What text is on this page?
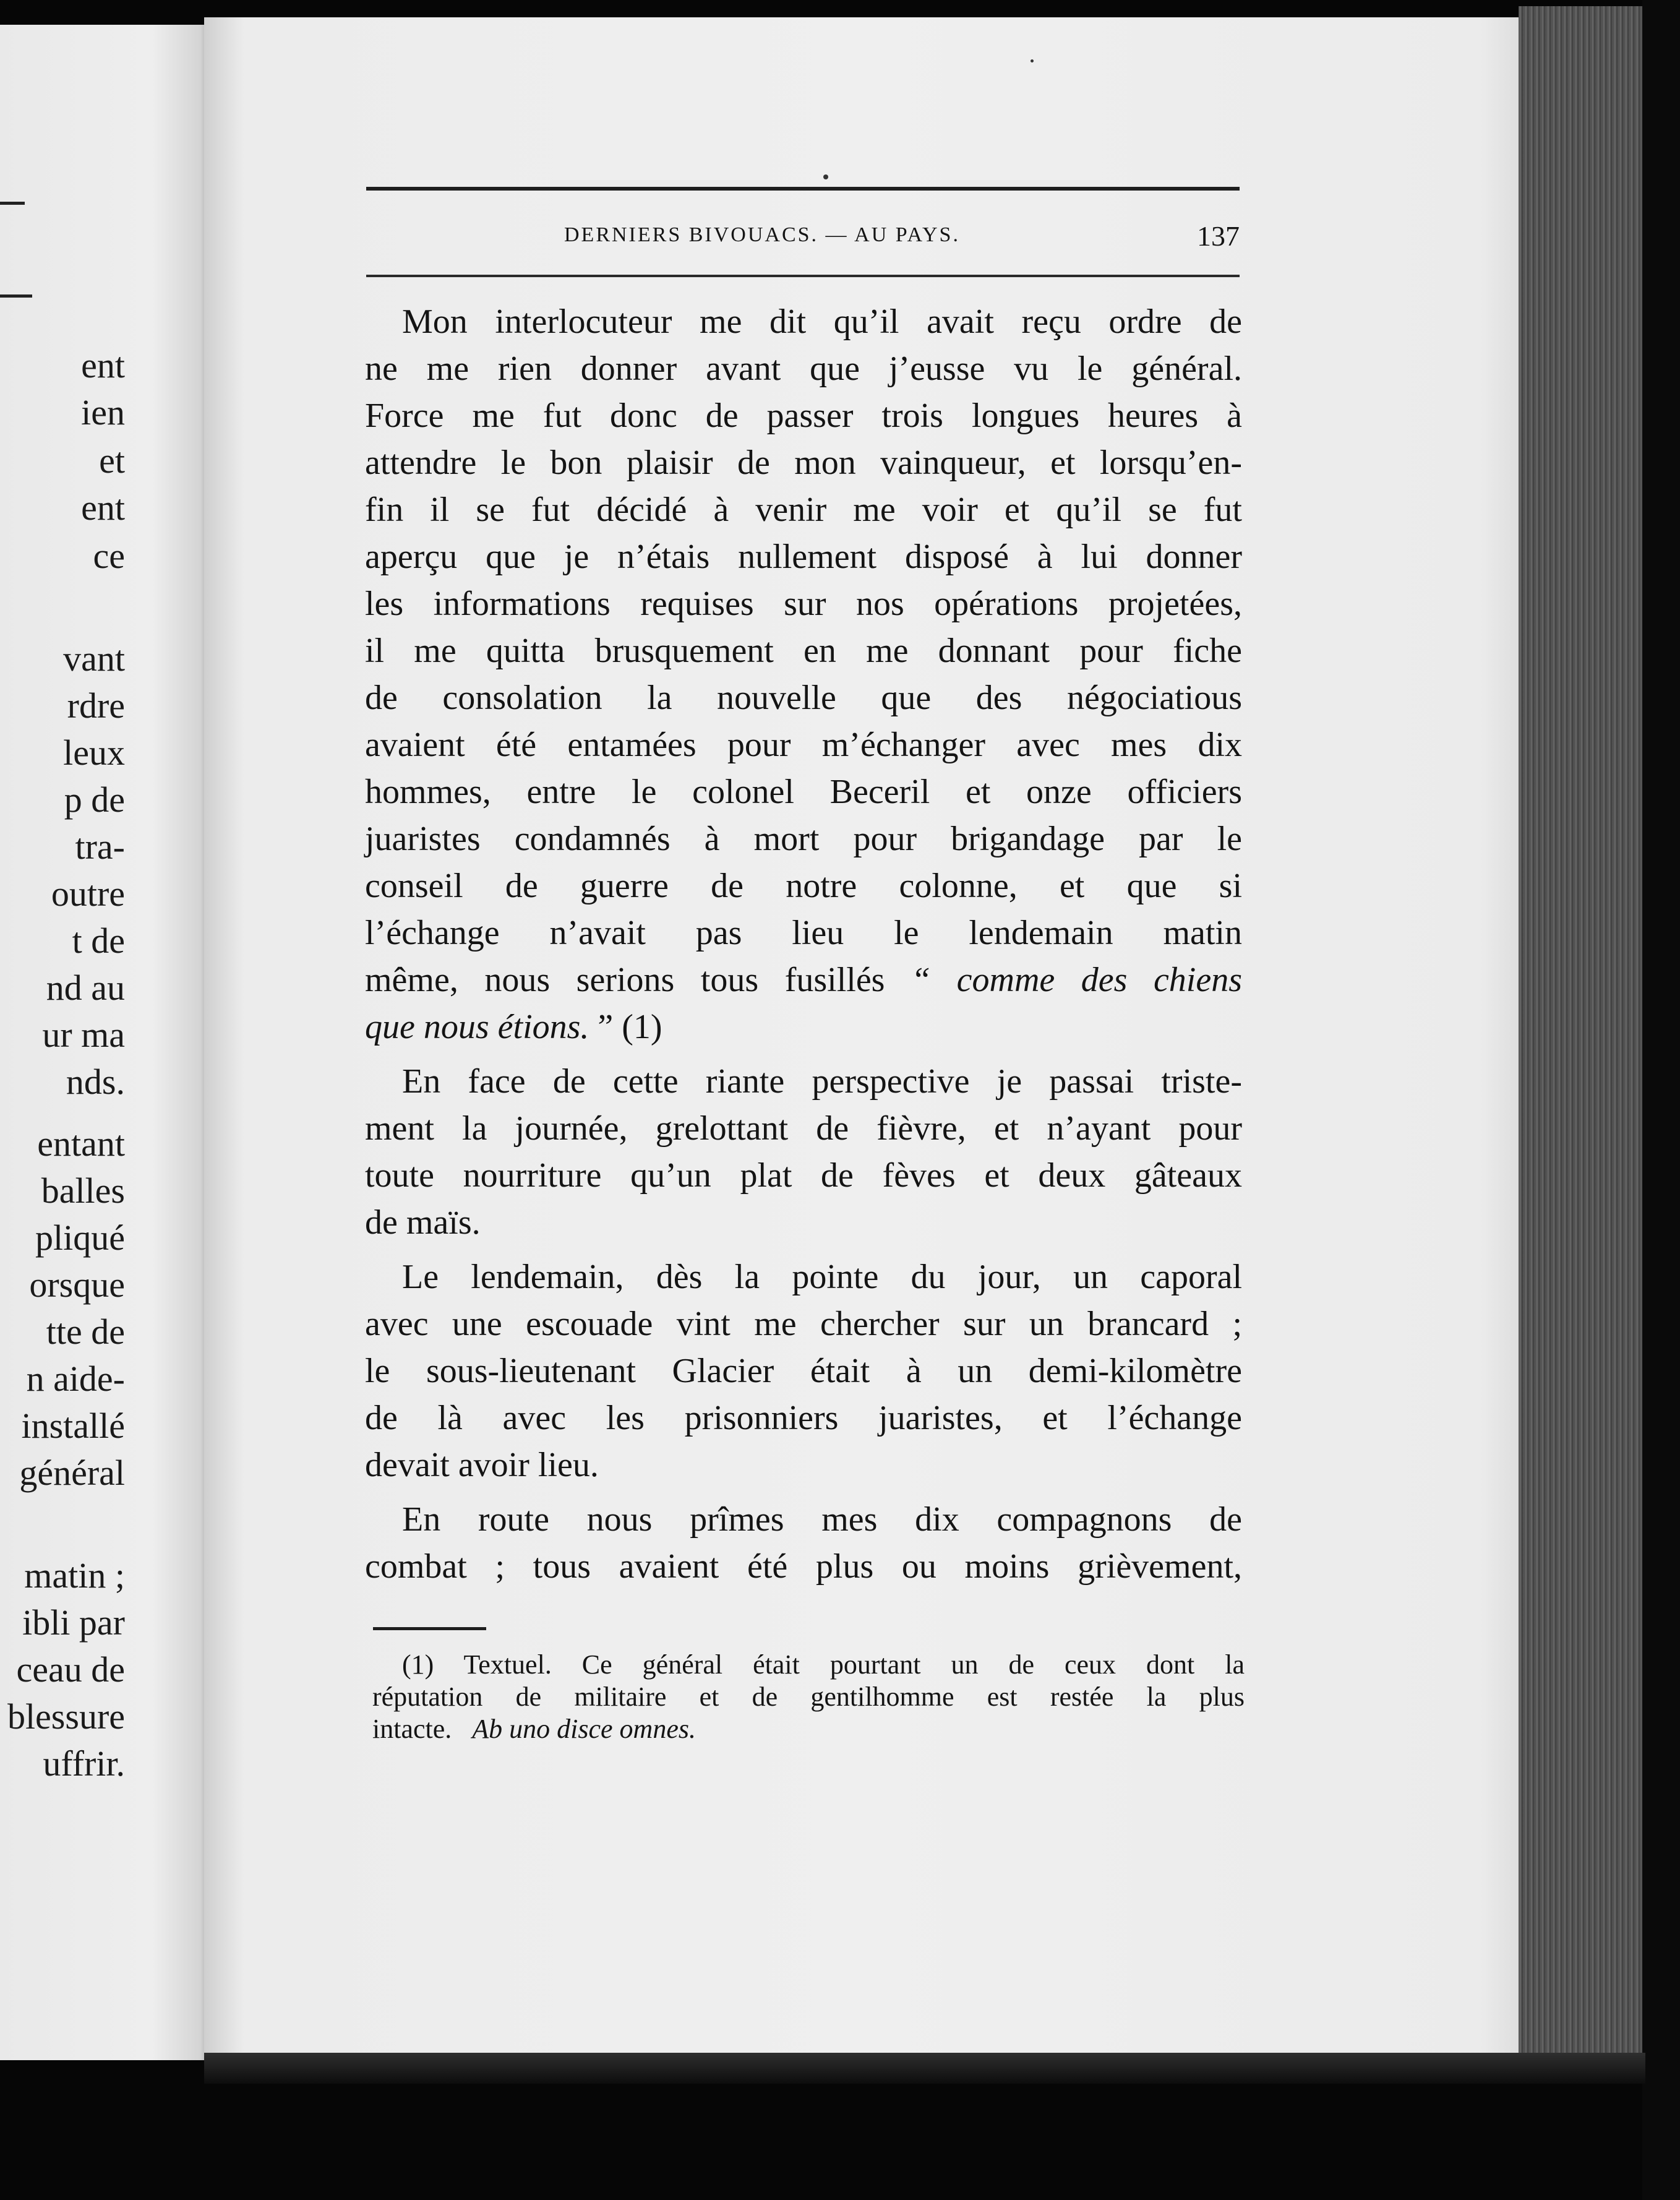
ent
ien
et
ent
ce
vant
rdre
leux
p de
tra-
outre
t de
nd au
ur ma
nds.
entant
balles
pliqué
orsque
tte de
n aide-
installé
général
matin ;
ibli par
ceau de
blessure
uffrir.
DERNIERS BIVOUACS. — AU PAYS.	137
Mon interlocuteur me dit qu’il avait reçu ordre de
ne me rien donner avant que j’eusse vu le général.
Force me fut donc de passer trois longues heures à
attendre le bon plaisir de mon vainqueur, et lorsqu’en-
fin il se fut décidé à venir me voir et qu’il se fut
aperçu que je n’étais nullement disposé à lui donner
les informations requises sur nos opérations projetées,
il me quitta brusquement en me donnant pour fiche
de consolation la nouvelle que des négociatious
avaient été entamées pour m’échanger avec mes dix
hommes, entre le colonel Beceril et onze officiers
juaristes condamnés à mort pour brigandage par le
conseil de guerre de notre colonne, et que si
l’échange n’avait pas lieu le lendemain matin
même, nous serions tous fusillés “ comme des chiens
que nous étions. ” (1)
En face de cette riante perspective je passai triste-
ment la journée, grelottant de fièvre, et n’ayant pour
toute nourriture qu’un plat de fèves et deux gâteaux
de maïs.
Le lendemain, dès la pointe du jour, un caporal
avec une escouade vint me chercher sur un brancard ;
le sous-lieutenant Glacier était à un demi-kilomètre
de là avec les prisonniers juaristes, et l’échange
devait avoir lieu.
En route nous prîmes mes dix compagnons de
combat ; tous avaient été plus ou moins grièvement,
(1) Textuel. Ce général était pourtant un de ceux dont la
réputation de militaire et de gentilhomme est restée la plus
intacte. Ab uno disce omnes.
